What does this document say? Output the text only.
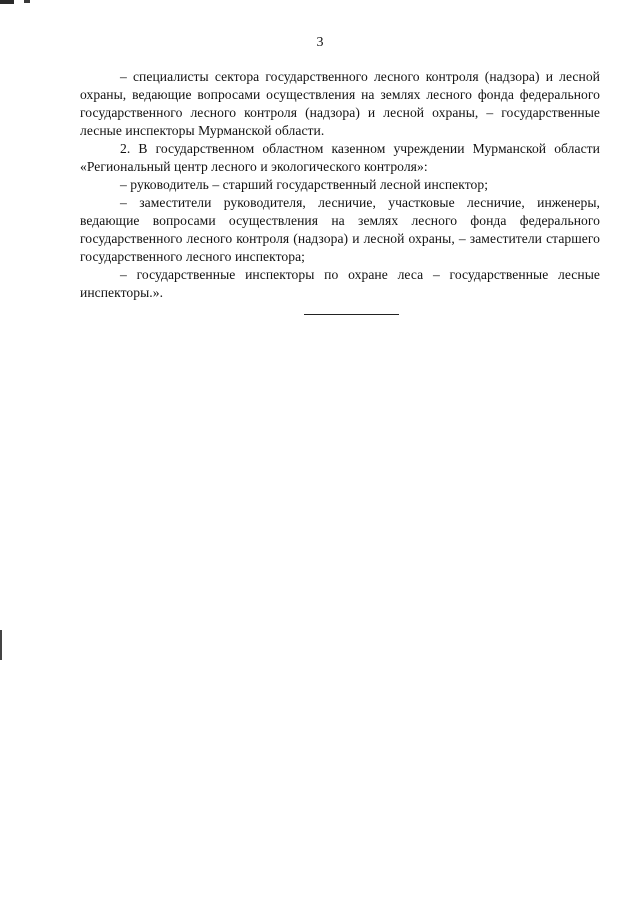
3

– специалисты сектора государственного лесного контроля (надзора) и лесной охраны, ведающие вопросами осуществления на землях лесного фонда федерального государственного лесного контроля (надзора) и лесной охраны, – государственные лесные инспекторы Мурманской области.

2. В государственном областном казенном учреждении Мурманской области «Региональный центр лесного и экологического контроля»:

– руководитель – старший государственный лесной инспектор;

– заместители руководителя, лесничие, участковые лесничие, инженеры, ведающие вопросами осуществления на землях лесного фонда федерального государственного лесного контроля (надзора) и лесной охраны, – заместители старшего государственного лесного инспектора;

– государственные инспекторы по охране леса – государственные лесные инспекторы.».
